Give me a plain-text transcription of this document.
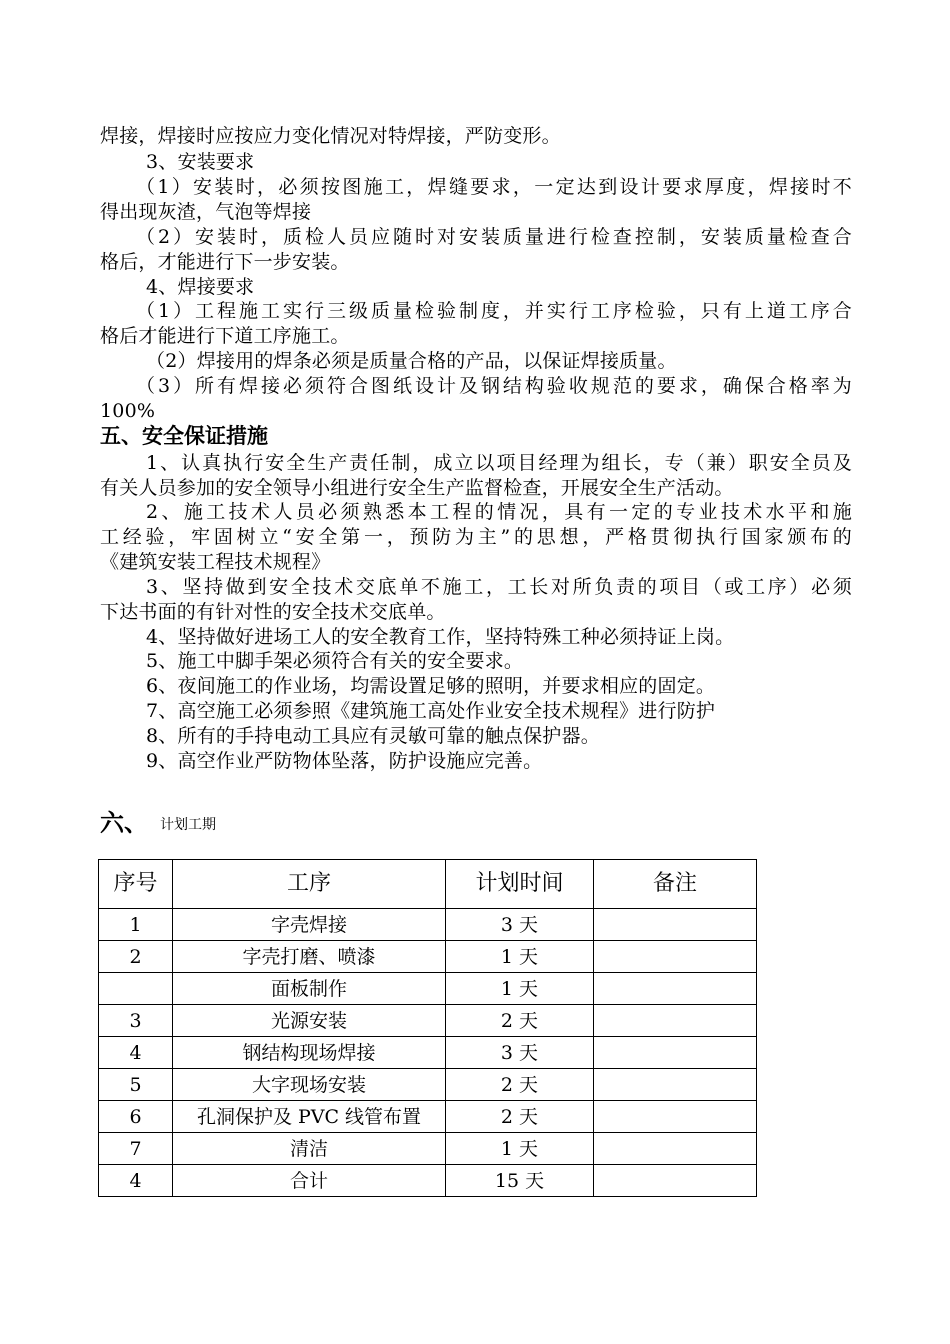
焊接，焊接时应按应力变化情况对特焊接，严防变形。
3、安装要求
（1）安装时，必须按图施工，焊缝要求，一定达到设计要求厚度，焊接时不
得出现灰渣，气泡等焊接
（2）安装时，质检人员应随时对安装质量进行检查控制，安装质量检查合
格后，才能进行下一步安装。
4、焊接要求
（1）工程施工实行三级质量检验制度，并实行工序检验，只有上道工序合
格后才能进行下道工序施工。
（2）焊接用的焊条必须是质量合格的产品，以保证焊接质量。
（3）所有焊接必须符合图纸设计及钢结构验收规范的要求，确保合格率为
100%
五、安全保证措施
1、认真执行安全生产责任制，成立以项目经理为组长，专（兼）职安全员及
有关人员参加的安全领导小组进行安全生产监督检查，开展安全生产活动。
2、施工技术人员必须熟悉本工程的情况，具有一定的专业技术水平和施
工经验，牢固树立“安全第一，预防为主”的思想，严格贯彻执行国家颁布的
《建筑安装工程技术规程》
3、坚持做到安全技术交底单不施工，工长对所负责的项目（或工序）必须
下达书面的有针对性的安全技术交底单。
4、坚持做好进场工人的安全教育工作，坚持特殊工种必须持证上岗。
5、施工中脚手架必须符合有关的安全要求。
6、夜间施工的作业场，均需设置足够的照明，并要求相应的固定。
7、高空施工必须参照《建筑施工高处作业安全技术规程》进行防护
8、所有的手持电动工具应有灵敏可靠的触点保护器。
9、高空作业严防物体坠落，防护设施应完善。
六、 计划工期
序号	工序	计划时间	备注
1	字壳焊接	3 天	
2	字壳打磨、喷漆	1 天	
	面板制作	1 天	
3	光源安装	2 天	
4	钢结构现场焊接	3 天	
5	大字现场安装	2 天	
6	孔洞保护及 PVC 线管布置	2 天	
7	清洁	1 天	
4	合计	15 天	
